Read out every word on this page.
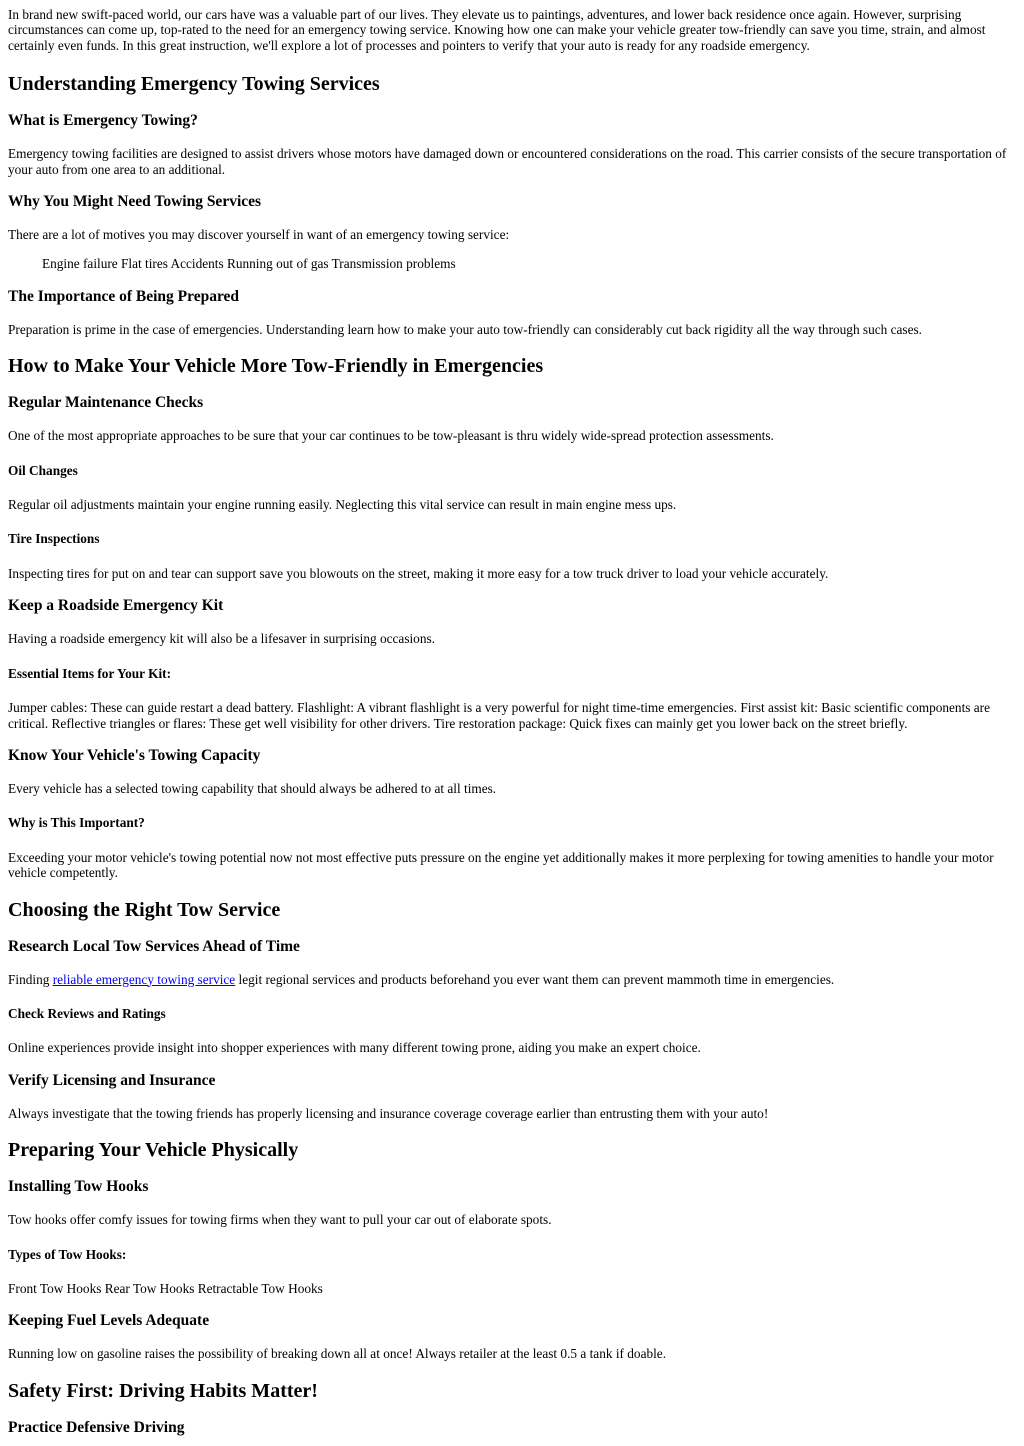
In brand new swift-paced world, our cars have was a valuable part of our lives. They elevate us to paintings, adventures, and lower back residence once again. However, surprising circumstances can come up, top-rated to the need for an emergency towing service. Knowing how one can make your vehicle greater tow-friendly can save you time, strain, and almost certainly even funds. In this great instruction, we'll explore a lot of processes and pointers to verify that your auto is ready for any roadside emergency.

Understanding Emergency Towing Services
What is Emergency Towing?

Emergency towing facilities are designed to assist drivers whose motors have damaged down or encountered considerations on the road. This carrier consists of the secure transportation of your auto from one area to an additional.

Why You Might Need Towing Services

There are a lot of motives you may discover yourself in want of an emergency towing service:

Engine failure Flat tires Accidents Running out of gas Transmission problems

The Importance of Being Prepared

Preparation is prime in the case of emergencies. Understanding learn how to make your auto tow-friendly can considerably cut back rigidity all the way through such cases.

How to Make Your Vehicle More Tow-Friendly in Emergencies
Regular Maintenance Checks

One of the most appropriate approaches to be sure that your car continues to be tow-pleasant is thru widely wide-spread protection assessments.

Oil Changes

Regular oil adjustments maintain your engine running easily. Neglecting this vital service can result in main engine mess ups.

Tire Inspections

Inspecting tires for put on and tear can support save you blowouts on the street, making it more easy for a tow truck driver to load your vehicle accurately.

Keep a Roadside Emergency Kit

Having a roadside emergency kit will also be a lifesaver in surprising occasions.

Essential Items for Your Kit:

Jumper cables: These can guide restart a dead battery. Flashlight: A vibrant flashlight is a very powerful for night time-time emergencies. First assist kit: Basic scientific components are critical. Reflective triangles or flares: These get well visibility for other drivers. Tire restoration package: Quick fixes can mainly get you lower back on the street briefly.

Know Your Vehicle's Towing Capacity

Every vehicle has a selected towing capability that should always be adhered to at all times.

Why is This Important?

Exceeding your motor vehicle's towing potential now not most effective puts pressure on the engine yet additionally makes it more perplexing for towing amenities to handle your motor vehicle competently.

Choosing the Right Tow Service
Research Local Tow Services Ahead of Time

Finding reliable emergency towing service legit regional services and products beforehand you ever want them can prevent mammoth time in emergencies.

Check Reviews and Ratings

Online experiences provide insight into shopper experiences with many different towing prone, aiding you make an expert choice.

Verify Licensing and Insurance

Always investigate that the towing friends has properly licensing and insurance coverage coverage earlier than entrusting them with your auto!

Preparing Your Vehicle Physically
Installing Tow Hooks

Tow hooks offer comfy issues for towing firms when they want to pull your car out of elaborate spots.

Types of Tow Hooks:

Front Tow Hooks Rear Tow Hooks Retractable Tow Hooks

Keeping Fuel Levels Adequate

Running low on gasoline raises the possibility of breaking down all at once! Always retailer at the least 0.5 a tank if doable.

Safety First: Driving Habits Matter!
Practice Defensive Driving
